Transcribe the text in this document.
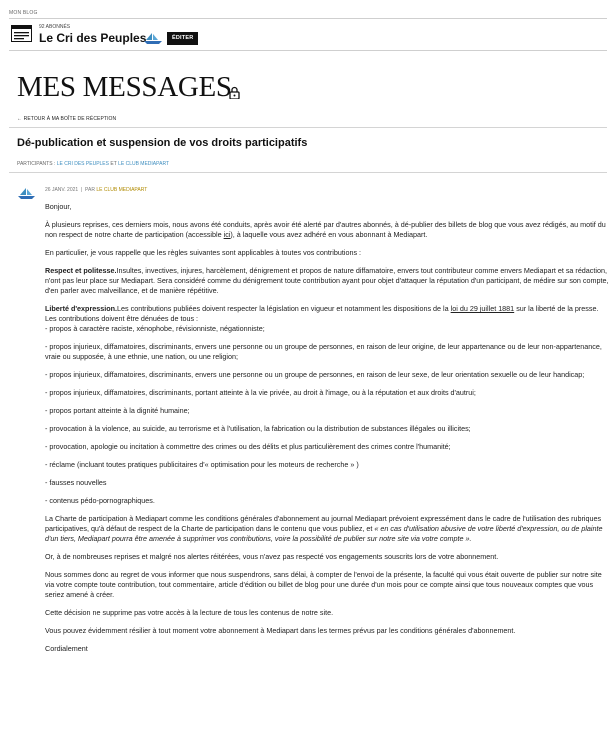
MON BLOG
92 ABONNÉS
Le Cri des Peuples	ÉDITER
MES MESSAGES
← RETOUR À MA BOÎTE DE RÉCEPTION
Dé-publication et suspension de vos droits participatifs
PARTICIPANTS : LE CRI DES PEUPLES ET LE CLUB MEDIAPART
26 JANV. 2021  |  PAR LE CLUB MEDIAPART

Bonjour,

À plusieurs reprises, ces derniers mois, nous avons été conduits, après avoir été alerté par d'autres abonnés, à dé-publier des billets de blog que vous avez rédigés, au motif du non respect de notre charte de participation (accessible ici), à laquelle vous avez adhéré en vous abonnant à Mediapart.

En particulier, je vous rappelle que les règles suivantes sont applicables à toutes vos contributions :

Respect et politesse.Insultes, invectives, injures, harcèlement, dénigrement et propos de nature diffamatoire, envers tout contributeur comme envers Mediapart et sa rédaction, n'ont pas leur place sur Mediapart. Sera considéré comme du dénigrement toute contribution ayant pour objet d'attaquer la réputation d'un participant, de médire sur son compte, d'en parler avec malveillance, et de manière répétitive.

Liberté d'expression.Les contributions publiées doivent respecter la législation en vigueur et notamment les dispositions de la loi du 29 juillet 1881 sur la liberté de la presse. Les contributions doivent être dénuées de tous :
- propos à caractère raciste, xénophobe, révisionniste, négationniste;
- propos injurieux, diffamatoires, discriminants, envers une personne ou un groupe de personnes, en raison de leur origine, de leur appartenance ou de leur non-appartenance, vraie ou supposée, à une ethnie, une nation, ou une religion;
- propos injurieux, diffamatoires, discriminants, envers une personne ou un groupe de personnes, en raison de leur sexe, de leur orientation sexuelle ou de leur handicap;
- propos injurieux, diffamatoires, discriminants, portant atteinte à la vie privée, au droit à l'image, ou à la réputation et aux droits d'autrui;
- propos portant atteinte à la dignité humaine;
- provocation à la violence, au suicide, au terrorisme et à l'utilisation, la fabrication ou la distribution de substances illégales ou illicites;
- provocation, apologie ou incitation à commettre des crimes ou des délits et plus particulièrement des crimes contre l'humanité;
- réclame (incluant toutes pratiques publicitaires d'« optimisation pour les moteurs de recherche » )
- fausses nouvelles
- contenus pédo-pornographiques.

La Charte de participation à Mediapart comme les conditions générales d'abonnement au journal Mediapart prévoient expressément dans le cadre de l'utilisation des rubriques participatives, qu'à défaut de respect de la Charte de participation dans le contenu que vous publiez, et « en cas d'utilisation abusive de votre liberté d'expression, ou de plainte d'un tiers, Mediapart pourra être amenée à supprimer vos contributions, voire la possibilité de publier sur notre site via votre compte ».

Or, à de nombreuses reprises et malgré nos alertes réitérées, vous n'avez pas respecté vos engagements souscrits lors de votre abonnement.

Nous sommes donc au regret de vous informer que nous suspendrons, sans délai, à compter de l'envoi de la présente, la faculté qui vous était ouverte de publier sur notre site via votre compte toute contribution, tout commentaire, article d'édition ou billet de blog pour une durée d'un mois pour ce compte ainsi que tous nouveaux comptes que vous seriez amené à créer.

Cette décision ne supprime pas votre accès à la lecture de tous les contenus de notre site.

Vous pouvez évidemment résilier à tout moment votre abonnement à Mediapart dans les termes prévus par les conditions générales d'abonnement.

Cordialement
